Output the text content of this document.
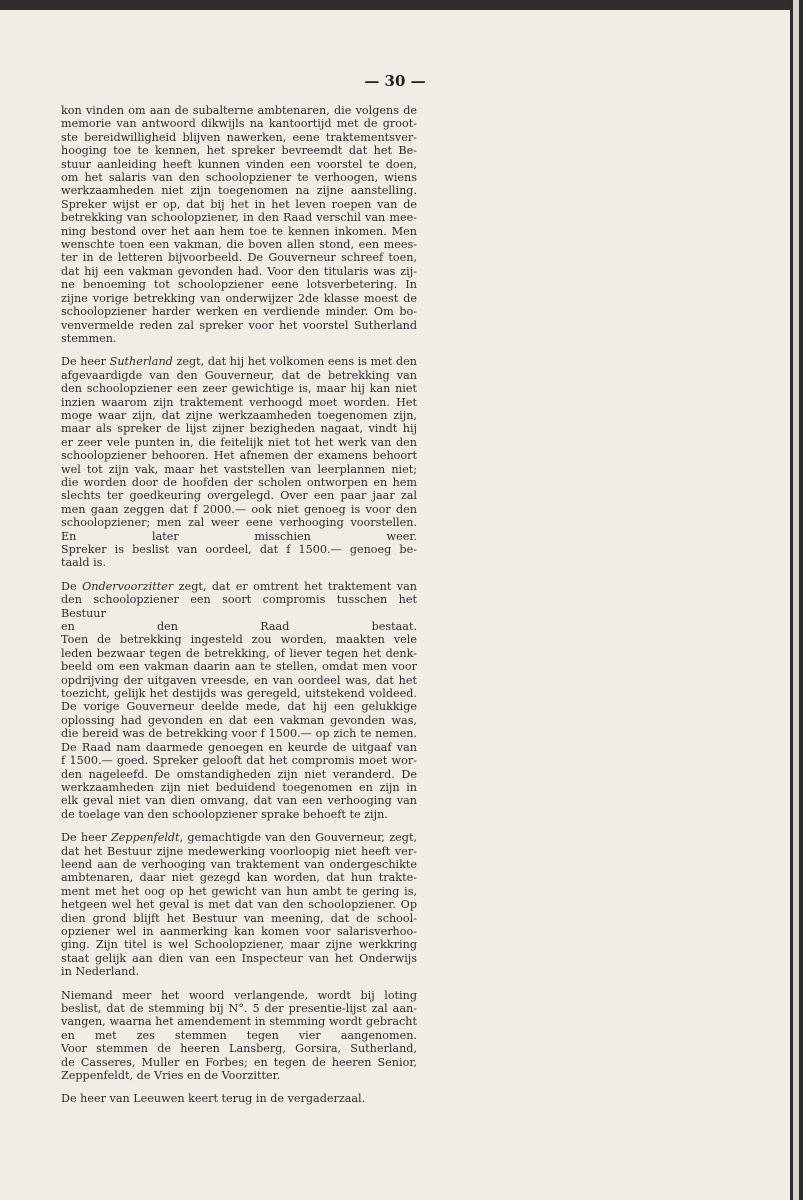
— 30 —
kon vinden om aan de subalterne ambtenaren, die volgens de
memorie van antwoord dikwijls na kantoortijd met de groot-
ste bereidwilligheid blijven nawerken, eene traktementsver-
hooging toe te kennen, het spreker bevreemdt dat het Be-
stuur aanleiding heeft kunnen vinden een voorstel te doen,
om het salaris van den schoolopziener te verhoogen, wiens
werkzaamheden niet zijn toegenomen na zijne aanstelling.
Spreker wijst er op, dat bij het in het leven roepen van de
betrekking van schoolopziener, in den Raad verschil van mee-
ning bestond over het aan hem toe te kennen inkomen. Men
wenschte toen een vakman, die boven allen stond, een mees-
ter in de letteren bijvoorbeeld. De Gouverneur schreef toen,
dat hij een vakman gevonden had. Voor den titularis was zij-
ne benoeming tot schoolopziener eene lotsverbetering. In
zijne vorige betrekking van onderwijzer 2de klasse moest de
schoolopziener harder werken en verdiende minder. Om bo-
venvermelde reden zal spreker voor het voorstel Sutherland
stemmen.
De heer Sutherland zegt, dat hij het volkomen eens is met den
afgevaardigde van den Gouverneur, dat de betrekking van
den schoolopziener een zeer gewichtige is, maar hij kan niet
inzien waarom zijn traktement verhoogd moet worden. Het
moge waar zijn, dat zijne werkzaamheden toegenomen zijn,
maar als spreker de lijst zijner bezigheden nagaat, vindt hij
er zeer vele punten in, die feitelijk niet tot het werk van den
schoolopziener behooren. Het afnemen der examens behoort
wel tot zijn vak, maar het vaststellen van leerplannen niet;
die worden door de hoofden der scholen ontworpen en hem
slechts ter goedkeuring overgelegd. Over een paar jaar zal
men gaan zeggen dat f 2000.— ook niet genoeg is voor den
schoolopziener; men zal weer eene verhooging voorstellen.
En later misschien weer.
Spreker is beslist van oordeel, dat f 1500.— genoeg be-
taald is.
De Ondervoorzitter zegt, dat er omtrent het traktement van
den schoolopziener een soort compromis tusschen het Bestuur
en den Raad bestaat.
Toen de betrekking ingesteld zou worden, maakten vele
leden bezwaar tegen de betrekking, of liever tegen het denk-
beeld om een vakman daarin aan te stellen, omdat men voor
opdrijving der uitgaven vreesde, en van oordeel was, dat het
toezicht, gelijk het destijds was geregeld, uitstekend voldeed.
De vorige Gouverneur deelde mede, dat hij een gelukkige
oplossing had gevonden en dat een vakman gevonden was,
die bereid was de betrekking voor f 1500.— op zich te nemen.
De Raad nam daarmede genoegen en keurde de uitgaaf van
f 1500.— goed. Spreker gelooft dat het compromis moet wor-
den nageleefd. De omstandigheden zijn niet veranderd. De
werkzaamheden zijn niet beduidend toegenomen en zijn in
elk geval niet van dien omvang, dat van een verhooging van
de toelage van den schoolopziener sprake behoeft te zijn.
De heer Zeppenfeldt, gemachtigde van den Gouverneur, zegt,
dat het Bestuur zijne medewerking voorloopig niet heeft ver-
leend aan de verhooging van traktement van ondergeschikte
ambtenaren, daar niet gezegd kan worden, dat hun trakte-
ment met het oog op het gewicht van hun ambt te gering is,
hetgeen wel het geval is met dat van den schoolopziener. Op
dien grond blijft het Bestuur van meening, dat de school-
opziener wel in aanmerking kan komen voor salarisverhoo-
ging. Zijn titel is wel Schoolopziener, maar zijne werkkring
staat gelijk aan dien van een Inspecteur van het Onderwijs
in Nederland.
Niemand meer het woord verlangende, wordt bij loting
beslist, dat de stemming bij N°. 5 der presentie-lijst zal aan-
vangen, waarna het amendement in stemming wordt gebracht
en met zes stemmen tegen vier aangenomen.
Voor stemmen de heeren Lansberg, Gorsira, Sutherland,
de Casseres, Muller en Forbes; en tegen de heeren Senior,
Zeppenfeldt, de Vries en de Voorzitter.
De heer van Leeuwen keert terug in de vergaderzaal.
